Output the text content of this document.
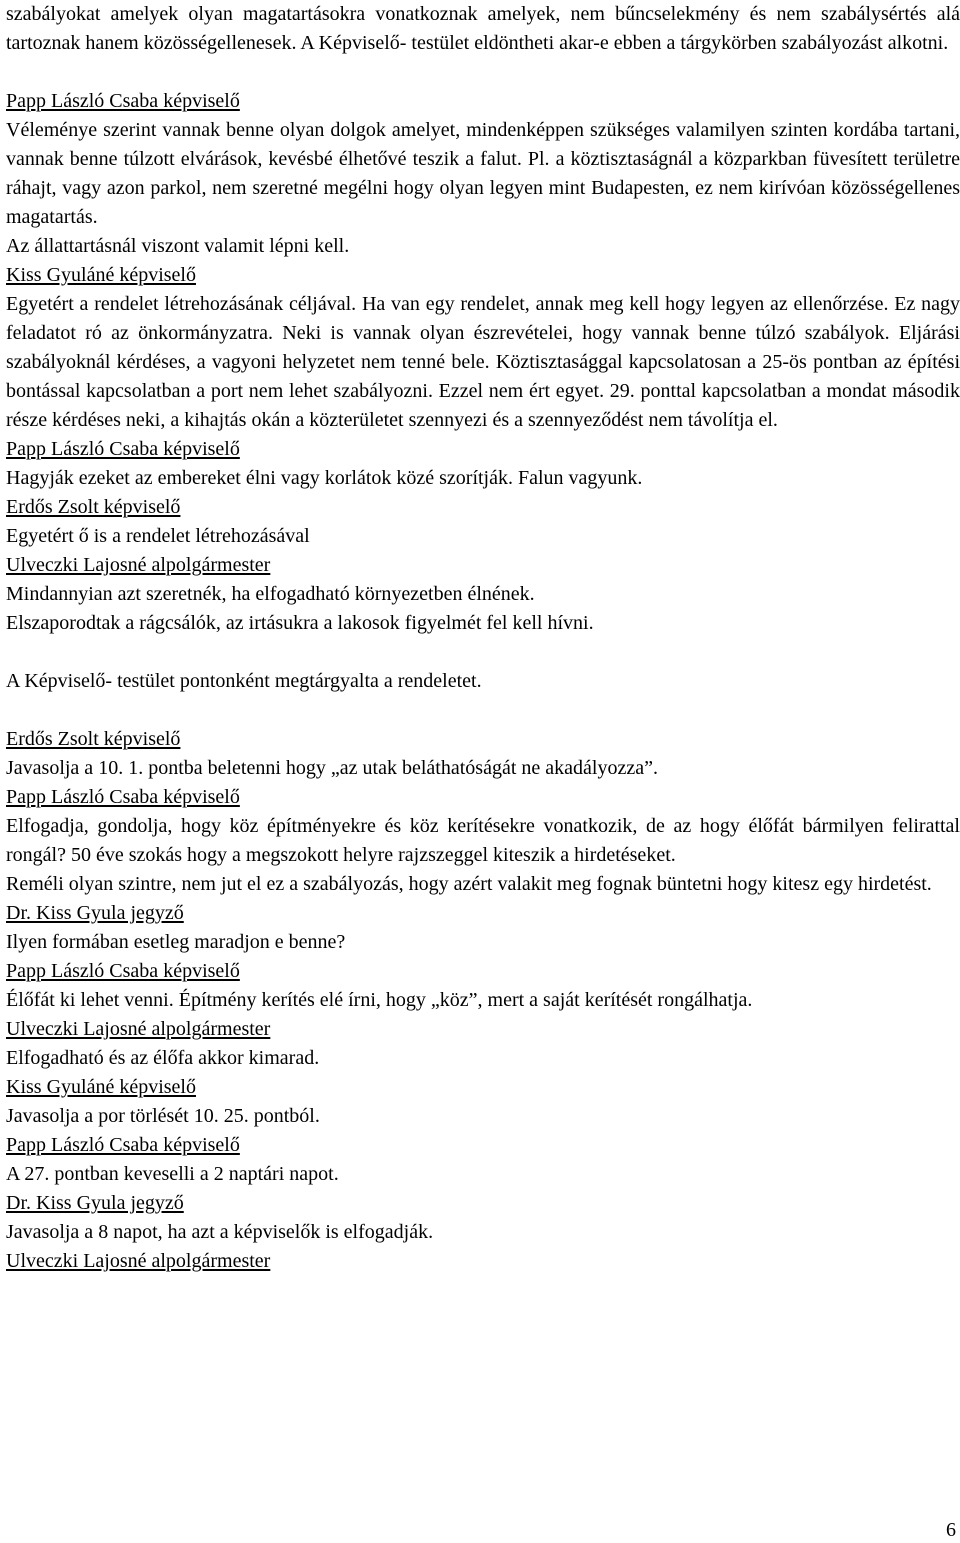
szabályokat amelyek olyan magatartásokra vonatkoznak amelyek, nem bűncselekmény és nem szabálysértés alá tartoznak hanem közösségellenesek. A Képviselő- testület eldöntheti akar-e ebben a tárgykörben szabályozást alkotni.

Papp László Csaba képviselő

Véleménye szerint vannak benne olyan dolgok amelyet, mindenképpen szükséges valamilyen szinten kordába tartani, vannak benne túlzott elvárások, kevésbé élhetővé teszik a falut. Pl. a köztisztaságnál a közparkban füvesített területre ráhajt, vagy azon parkol, nem szeretné megélni hogy olyan legyen mint Budapesten, ez nem kirívóan közösségellenes magatartás.

Az állattartásnál viszont valamit lépni kell.

Kiss Gyuláné képviselő

Egyetért a rendelet létrehozásának céljával. Ha van egy rendelet, annak meg kell hogy legyen az ellenőrzése. Ez nagy feladatot ró az önkormányzatra. Neki is vannak olyan észrevételei, hogy vannak benne túlzó szabályok. Eljárási szabályoknál kérdéses, a vagyoni helyzetet nem tenné bele. Köztisztasággal kapcsolatosan a 25-ös pontban az építési bontással kapcsolatban a port nem lehet szabályozni. Ezzel nem ért egyet. 29. ponttal kapcsolatban a mondat második része kérdéses neki, a kihajtás okán a közterületet szennyezi és a szennyeződést nem távolítja el.

Papp László Csaba képviselő

Hagyják ezeket az embereket élni vagy korlátok közé szorítják. Falun vagyunk.

Erdős Zsolt képviselő

Egyetért ő is a rendelet létrehozásával

Ulveczki Lajosné alpolgármester

Mindannyian azt szeretnék, ha elfogadható környezetben élnének.

Elszaporodtak a rágcsálók, az irtásukra a lakosok figyelmét fel kell hívni.

A Képviselő- testület pontonként megtárgyalta a rendeletet.

Erdős Zsolt képviselő

Javasolja a 10. 1. pontba beletenni hogy „az utak beláthatóságát ne akadályozza”.

Papp László Csaba képviselő

Elfogadja, gondolja, hogy köz építményekre és köz kerítésekre vonatkozik, de az hogy élőfát bármilyen felirattal rongál? 50 éve szokás hogy a megszokott helyre rajzszeggel kiteszik a hirdetéseket.

Reméli olyan szintre, nem jut el ez a szabályozás, hogy azért valakit meg fognak büntetni hogy kitesz egy hirdetést.

Dr. Kiss Gyula jegyző

Ilyen formában esetleg maradjon e benne?

Papp László Csaba képviselő

Élőfát ki lehet venni. Építmény kerítés elé írni, hogy „köz”, mert a saját kerítését rongálhatja.

Ulveczki Lajosné alpolgármester

Elfogadható és az élőfa akkor kimarad.

Kiss Gyuláné képviselő

Javasolja a por törlését 10. 25. pontból.

Papp László Csaba képviselő

A 27. pontban keveselli a 2 naptári napot.

Dr. Kiss Gyula jegyző

Javasolja a 8 napot, ha azt a képviselők is elfogadják.

Ulveczki Lajosné alpolgármester

6
